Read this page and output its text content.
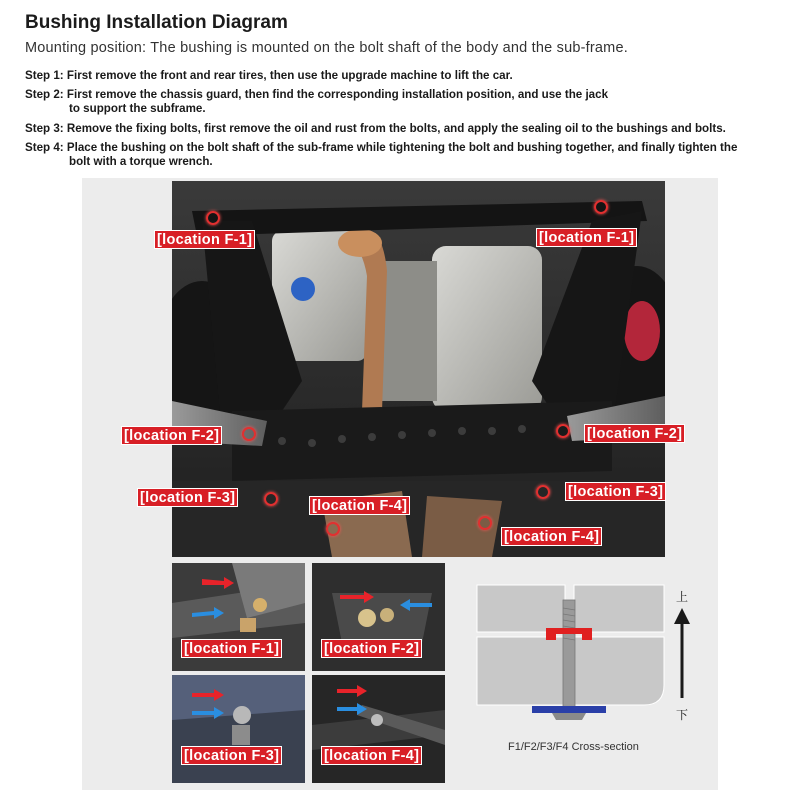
Bushing Installation Diagram
Mounting position: The bushing is mounted on the bolt shaft of the body and the sub-frame.
Step 1: First remove the front and rear tires, then use the upgrade machine to lift the car.
Step 2: First remove the chassis guard, then find the corresponding installation position, and use the jack
to support the subframe.
Step 3: Remove the fixing bolts, first remove the oil and rust from the bolts, and apply the sealing oil to the bushings and bolts.
Step 4: Place the bushing on the bolt shaft of the sub-frame while tightening the bolt and bushing together, and finally tighten the
bolt with a torque wrench.
[location F-1]	[location F-1]
[location F-2]	[location F-2]
[location F-3]	[location F-3]
[location F-4]
[location F-4]
[location F-1]	[location F-2]
[location F-3]	[location F-4]
上
下
F1/F2/F3/F4 Cross-section
